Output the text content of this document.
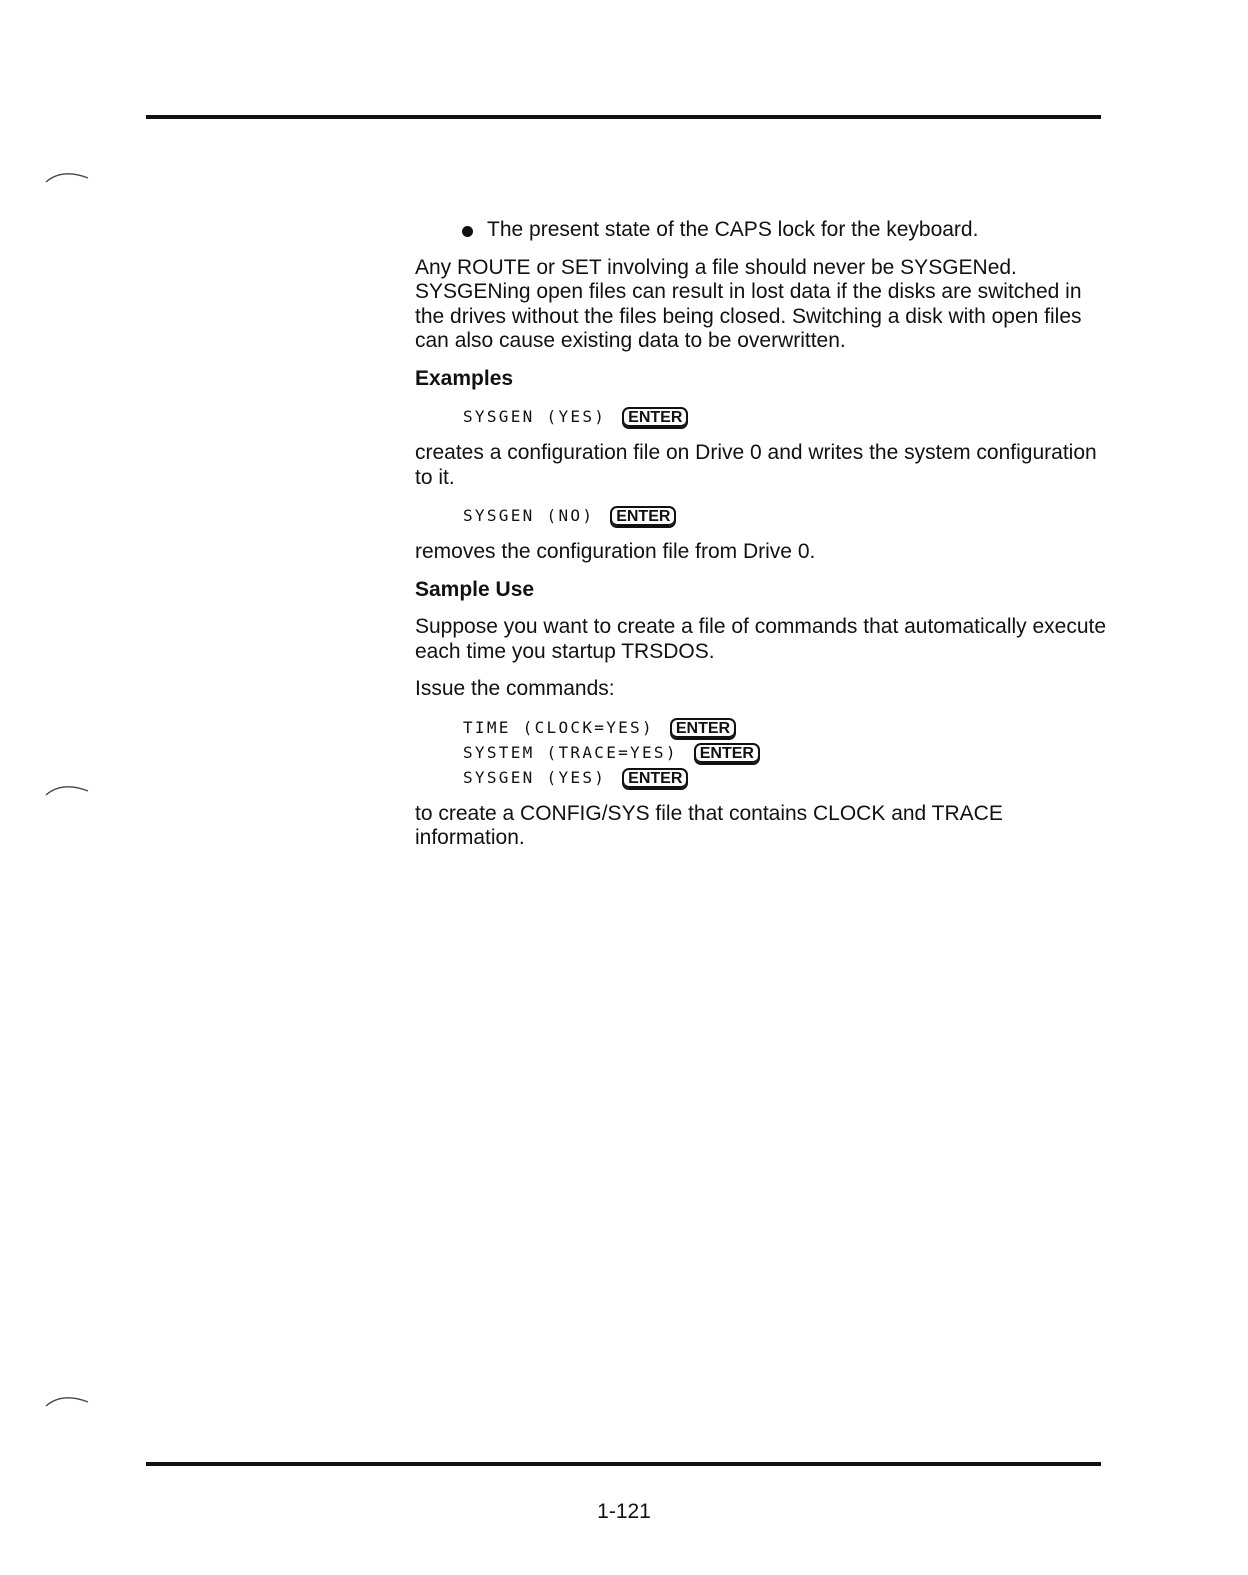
The present state of the CAPS lock for the keyboard.

Any ROUTE or SET involving a file should never be SYSGENed. SYSGENing open files can result in lost data if the disks are switched in the drives without the files being closed. Switching a disk with open files can also cause existing data to be overwritten.

Examples
SYSGEN (YES) ENTER

creates a configuration file on Drive 0 and writes the system configuration to it.

SYSGEN (NO) ENTER

removes the configuration file from Drive 0.

Sample Use

Suppose you want to create a file of commands that automatically execute each time you startup TRSDOS.

Issue the commands:

TIME (CLOCK=YES) ENTER
SYSTEM (TRACE=YES) ENTER
SYSGEN (YES) ENTER

to create a CONFIG/SYS file that contains CLOCK and TRACE information.

1-121
